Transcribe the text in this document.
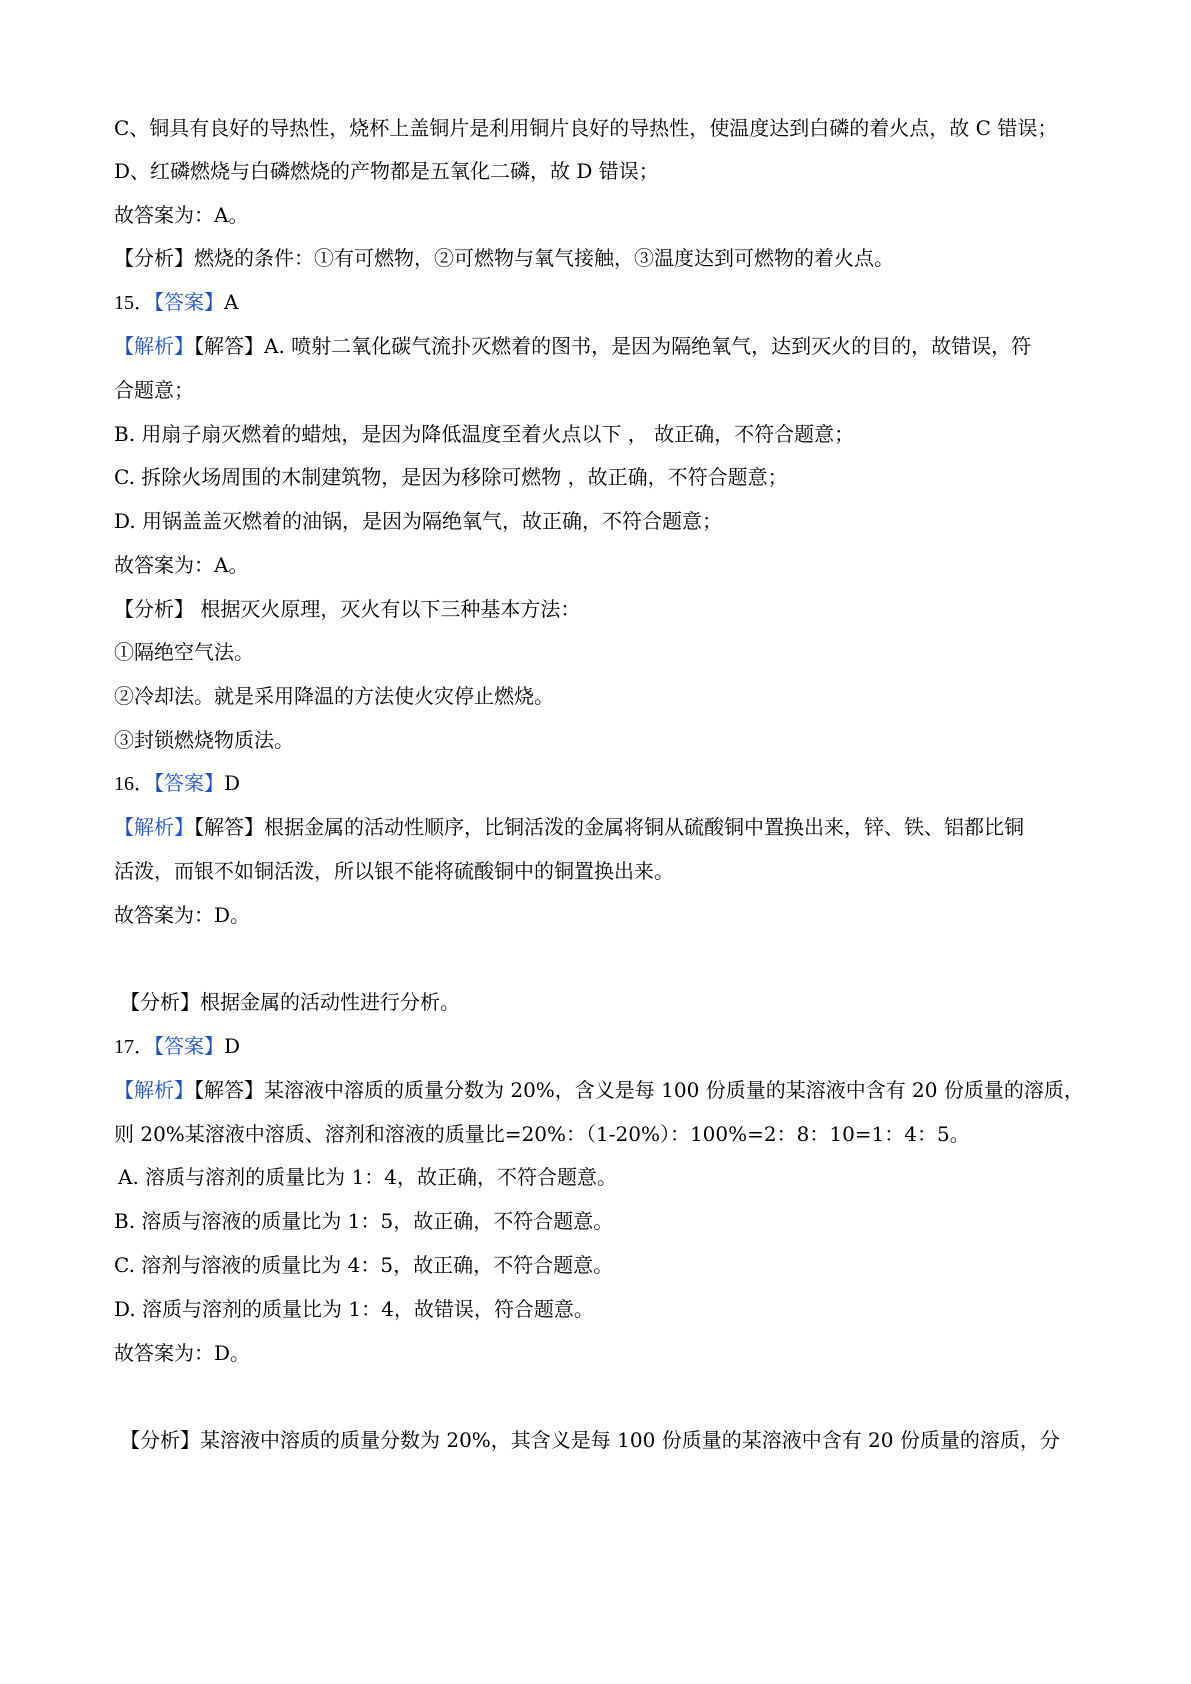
C、铜具有良好的导热性，烧杯上盖铜片是利用铜片良好的导热性，使温度达到白磷的着火点，故 C 错误；
D、红磷燃烧与白磷燃烧的产物都是五氧化二磷，故 D 错误；
故答案为：A。
【分析】燃烧的条件：①有可燃物，②可燃物与氧气接触，③温度达到可燃物的着火点。
15．【答案】A
【解析】【解答】A. 喷射二氧化碳气流扑灭燃着的图书，是因为隔绝氧气，达到灭火的目的，故错误，符
合题意；
B. 用扇子扇灭燃着的蜡烛，是因为降低温度至着火点以下 ， 故正确，不符合题意；
C. 拆除火场周围的木制建筑物，是因为移除可燃物 ，故正确，不符合题意；
D. 用锅盖盖灭燃着的油锅，是因为隔绝氧气，故正确，不符合题意；
故答案为：A。
【分析】 根据灭火原理，灭火有以下三种基本方法：
①隔绝空气法。
②冷却法。就是采用降温的方法使火灾停止燃烧。
③封锁燃烧物质法。
16．【答案】D
【解析】【解答】根据金属的活动性顺序，比铜活泼的金属将铜从硫酸铜中置换出来，锌、铁、铝都比铜
活泼，而银不如铜活泼，所以银不能将硫酸铜中的铜置换出来。
故答案为：D。
【分析】根据金属的活动性进行分析。
17．【答案】D
【解析】【解答】某溶液中溶质的质量分数为 20%，含义是每 100 份质量的某溶液中含有 20 份质量的溶质，
则 20%某溶液中溶质、溶剂和溶液的质量比=20%：（1-20%）：100%=2：8：10=1：4：5。
A. 溶质与溶剂的质量比为 1：4，故正确，不符合题意。
B. 溶质与溶液的质量比为 1：5，故正确，不符合题意。
C. 溶剂与溶液的质量比为 4：5，故正确，不符合题意。
D. 溶质与溶剂的质量比为 1：4，故错误，符合题意。
故答案为：D。
【分析】某溶液中溶质的质量分数为 20%，其含义是每 100 份质量的某溶液中含有 20 份质量的溶质，分
